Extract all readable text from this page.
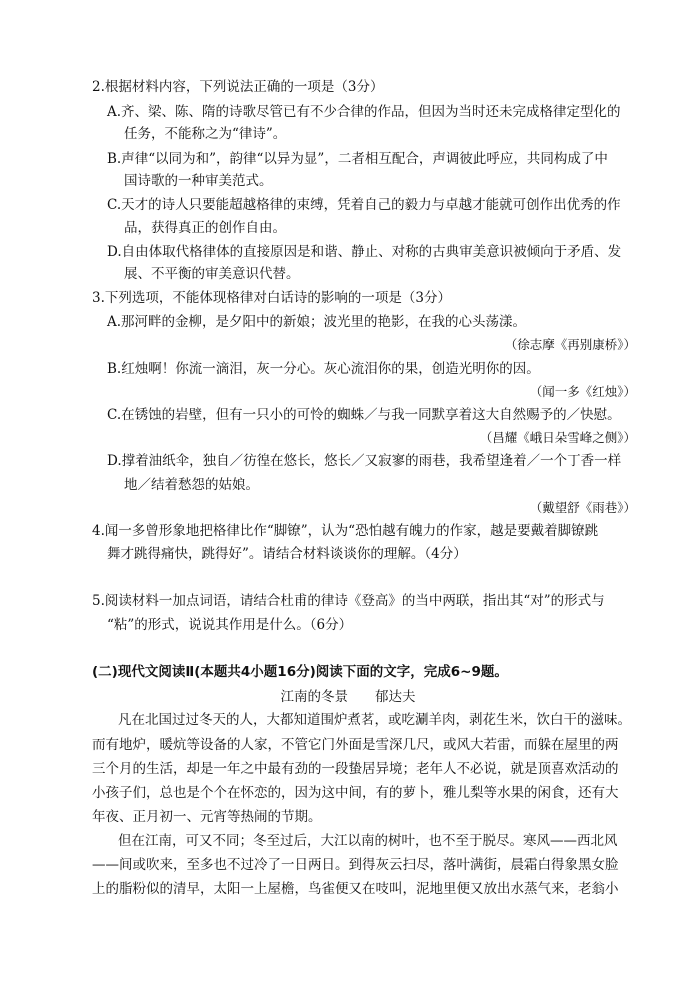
2.根据材料内容，下列说法正确的一项是（3分）
A.齐、梁、陈、隋的诗歌尽管已有不少合律的作品，但因为当时还未完成格律定型化的
任务，不能称之为“律诗”。
B.声律“以同为和”，韵律“以异为显”，二者相互配合，声调彼此呼应，共同构成了中
国诗歌的一种审美范式。
C.天才的诗人只要能超越格律的束缚，凭着自己的毅力与卓越才能就可创作出优秀的作
品，获得真正的创作自由。
D.自由体取代格律体的直接原因是和谐、静止、对称的古典审美意识被倾向于矛盾、发
展、不平衡的审美意识代替。
3.下列选项，不能体现格律对白话诗的影响的一项是（3分）
A.那河畔的金柳，是夕阳中的新娘；波光里的艳影，在我的心头荡漾。
（徐志摩《再别康桥》）
B.红烛啊！你流一滴泪，灰一分心。灰心流泪你的果，创造光明你的因。
（闻一多《红烛》）
C.在锈蚀的岩壁，但有一只小的可怜的蜘蛛／与我一同默享着这大自然赐予的／快慰。
（昌耀《峨日朵雪峰之侧》）
D.撑着油纸伞，独自／彷徨在悠长，悠长／又寂寥的雨巷，我希望逢着／一个丁香一样
地／结着愁怨的姑娘。
（戴望舒《雨巷》）
4.闻一多曾形象地把格律比作“脚镣”，认为“恐怕越有魄力的作家，越是要戴着脚镣跳
舞才跳得痛快，跳得好”。请结合材料谈谈你的理解。（4分）
5.阅读材料一加点词语，请结合杜甫的律诗《登高》的当中两联，指出其“对”的形式与
“粘”的形式，说说其作用是什么。（6分）
(二)现代文阅读Ⅱ(本题共4小题16分)阅读下面的文字，完成6~9题。
江南的冬景　　郁达夫
凡在北国过过冬天的人，大都知道围炉煮茗，或吃涮羊肉，剥花生米，饮白干的滋味。
而有地炉，暖炕等设备的人家，不管它门外面是雪深几尺，或风大若雷，而躲在屋里的两
三个月的生活，却是一年之中最有劲的一段蛰居异境；老年人不必说，就是顶喜欢活动的
小孩子们，总也是个个在怀恋的，因为这中间，有的萝卜，雅儿梨等水果的闲食，还有大
年夜、正月初一、元宵等热闹的节期。
但在江南，可又不同；冬至过后，大江以南的树叶，也不至于脱尽。寒风——西北风
——间或吹来，至多也不过冷了一日两日。到得灰云扫尽，落叶满街，晨霜白得象黑女脸
上的脂粉似的清早，太阳一上屋檐，鸟雀便又在吱叫，泥地里便又放出水蒸气来，老翁小
